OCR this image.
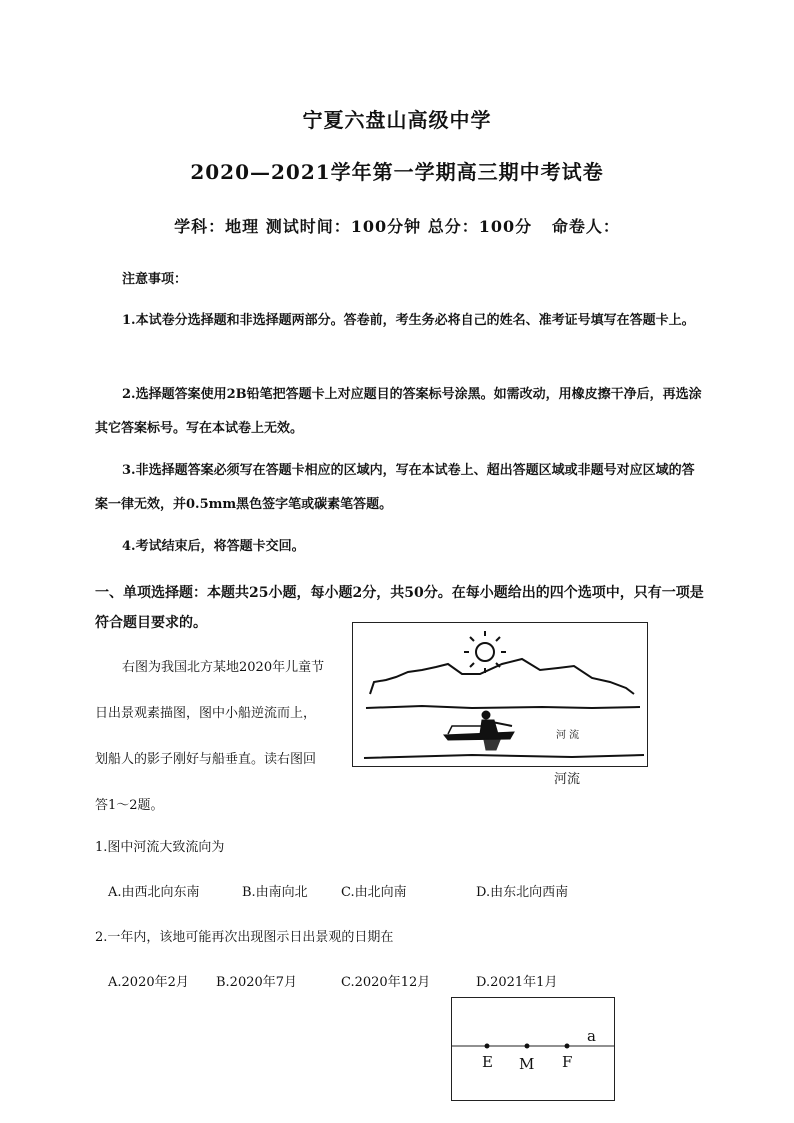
宁夏六盘山高级中学
2020—2021学年第一学期高三期中考试卷
学科：地理 测试时间：100分钟 总分：100分   命卷人：
注意事项：
1.本试卷分选择题和非选择题两部分。答卷前，考生务必将自己的姓名、准考证号填写在答题卡上。
2.选择题答案使用2B铅笔把答题卡上对应题目的答案标号涂黑。如需改动，用橡皮擦干净后，再选涂其它答案标号。写在本试卷上无效。
3.非选择题答案必须写在答题卡相应的区域内，写在本试卷上、超出答题区域或非题号对应区域的答案一律无效，并0.5mm黑色签字笔或碳素笔答题。
4.考试结束后，将答题卡交回。
一、单项选择题：本题共25小题，每小题2分，共50分。在每小题给出的四个选项中，只有一项是符合题目要求的。
右图为我国北方某地2020年儿童节日出景观素描图，图中小船逆流而上，划船人的影子刚好与船垂直。读右图回答1～2题。
河 流
河流
1.图中河流大致流向为
A.由西北向东南	B.由南向北	C.由北向南	D.由东北向西南
2.一年内，该地可能再次出现图示日出景观的日期在
A.2020年2月 B.2020年7月	C.2020年12月	D.2021年1月
E M F
a
